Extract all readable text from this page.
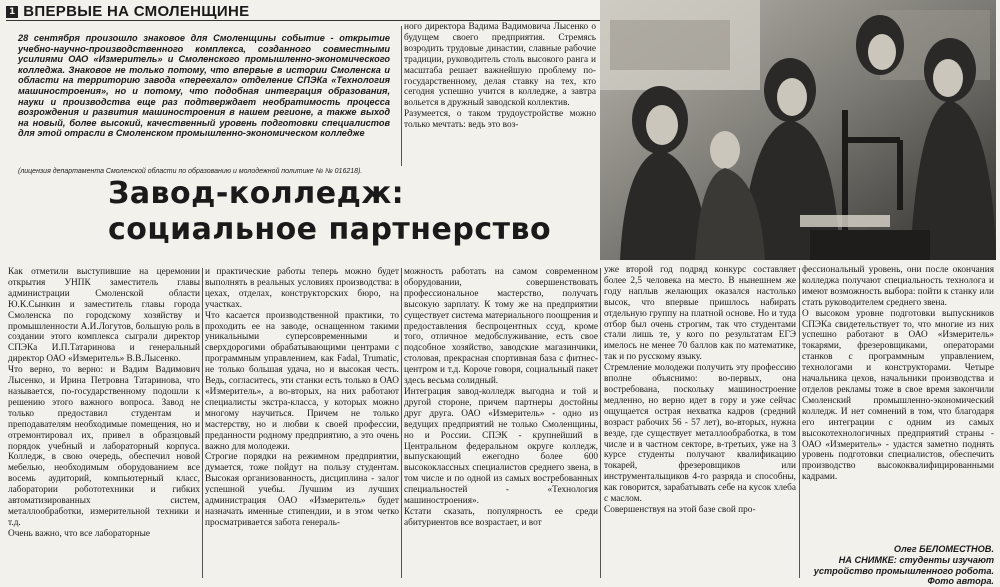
1 ВПЕРВЫЕ НА СМОЛЕНЩИНЕ
28 сентября произошло знаковое для Смоленщины событие - открытие учебно-научно-производственного комплекса, созданного совместными усилиями ОАО «Измеритель» и Смоленского промышленно-экономического колледжа. Знаковое не только потому, что впервые в истории Смоленска и области на территорию завода «переехало» отделение СПЭКа «Технология машиностроения», но и потому, что подобная интеграция образования, науки и производства еще раз подтверждает необратимость процесса возрождения и развития машиностроения в нашем регионе, а также выход на новый, более высокий, качественный уровень подготовки специалистов для этой отрасли в Смоленском промышленно-экономическом колледже
(лицензия департамента Смоленской области по образованию и молодежной политике № № 016218).
ного директора Вадима Вадимовича Лысенко о будущем своего предприятия. Стремясь возродить трудовые династии, славные рабочие традиции, руководитель столь высокого ранга и масштаба решает важнейшую проблему по-государственному, делая ставку на тех, кто сегодня успешно учится в колледже, а завтра вольется в дружный заводской коллектив.
Разумеется, о таком трудоустройстве можно только мечтать: ведь это воз-
Завод-колледж:
социальное партнерство
Как отметили выступившие на церемонии открытия УНПК заместитель главы администрации Смоленской области Ю.К.Сынкин и заместитель главы города Смоленска по городскому хозяйству и промышленности А.И.Логутов, большую роль в создании этого комплекса сыграли директор СПЭКа И.П.Татаринова и генеральный директор ОАО «Измеритель» В.В.Лысенко.
Что верно, то верно: и Вадим Вадимович Лысенко, и Ирина Петровна Татаринова, что называется, по-государственному подошли к решению этого важного вопроса. Завод не только предоставил студентам и преподавателям необходимые помещения, но и отремонтировал их, привел в образцовый порядок учебный и лабораторный корпуса. Колледж, в свою очередь, обеспечил новой мебелью, необходимым оборудованием все восемь аудиторий, компьютерный класс, лаборатории робототехники и гибких автоматизированных систем, металлообработки, измерительной техники и т.д.
Очень важно, что все лабораторные
и практические работы теперь можно будет выполнять в реальных условиях производства: в цехах, отделах, конструкторских бюро, на участках.
Что касается производственной практики, то проходить ее на заводе, оснащенном такими уникальными суперсовременными и сверхдорогими обрабатывающими центрами с программным управлением, как Fadal, Trumatic, не только большая удача, но и высокая честь. Ведь, согласитесь, эти станки есть только в ОАО «Измеритель», а во-вторых, на них работают специалисты экстра-класса, у которых можно многому научиться. Причем не только мастерству, но и любви к своей профессии, преданности родному предприятию, а это очень важно для молодежи.
Строгие порядки на режимном предприятии, думается, тоже пойдут на пользу студентам. Высокая организованность, дисциплина - залог успешной учебы. Лучшим из лучших администрация ОАО «Измеритель» будет назначать именные стипендии, и в этом четко просматривается забота генераль-
можность работать на самом современном оборудовании, совершенствовать профессиональное мастерство, получать высокую зарплату. К тому же на предприятии существует система материального поощрения и предоставления беспроцентных ссуд, кроме того, отличное медобслуживание, есть свое подсобное хозяйство, заводские магазинчики, столовая, прекрасная спортивная база с фитнес-центром и т.д. Короче говоря, социальный пакет здесь весьма солидный.
Интеграция завод-колледж выгодна и той и другой стороне, причем партнеры достойны друг друга. ОАО «Измеритель» - одно из ведущих предприятий не только Смоленщины, но и России. СПЭК - крупнейший в Центральном федеральном округе колледж, выпускающий ежегодно более 600 высококлассных специалистов среднего звена, в том числе и по одной из самых востребованных специальностей - «Технология машиностроения».
Кстати сказать, популярность ее среди абитуриентов все возрастает, и вот
уже второй год подряд конкурс составляет более 2,5 человека на место. В нынешнем же году наплыв желающих оказался настолько высок, что впервые пришлось набирать отдельную группу на платной основе. Но и туда отбор был очень строгим, так что студентами стали лишь те, у кого по результатам ЕГЭ имелось не менее 70 баллов как по математике, так и по русскому языку.
Стремление молодежи получить эту профессию вполне объяснимо: во-первых, она востребована, поскольку машиностроение медленно, но верно идет в гору и уже сейчас ощущается острая нехватка кадров (средний возраст рабочих 56 - 57 лет), во-вторых, нужна везде, где существует металлообработка, в том числе и в частном секторе, в-третьих, уже на 3 курсе студенты получают квалификацию токарей, фрезеровщиков или инструментальщиков 4-го разряда и способны, как говорится, зарабатывать себе на кусок хлеба с маслом.
Совершенствуя на этой базе свой про-
фессиональный уровень, они после окончания колледжа получают специальность технолога и имеют возможность выбора: пойти к станку или стать руководителем среднего звена.
О высоком уровне подготовки выпускников СПЭКа свидетельствует то, что многие из них успешно работают в ОАО «Измеритель» токарями, фрезеровщиками, операторами станков с программным управлением, технологами и конструкторами. Четыре начальника цехов, начальники производства и отделов рекламы тоже в свое время закончили Смоленский промышленно-экономический колледж. И нет сомнений в том, что благодаря его интеграции с одним из самых высокотехнологичных предприятий страны - ОАО «Измеритель» - удастся заметно поднять уровень подготовки специалистов, обеспечить производство высококвалифицированными кадрами.
Олег БЕЛОМЕСТНОВ.
НА СНИМКЕ: студенты изучают устройство промышленного робота.
Фото автора.
